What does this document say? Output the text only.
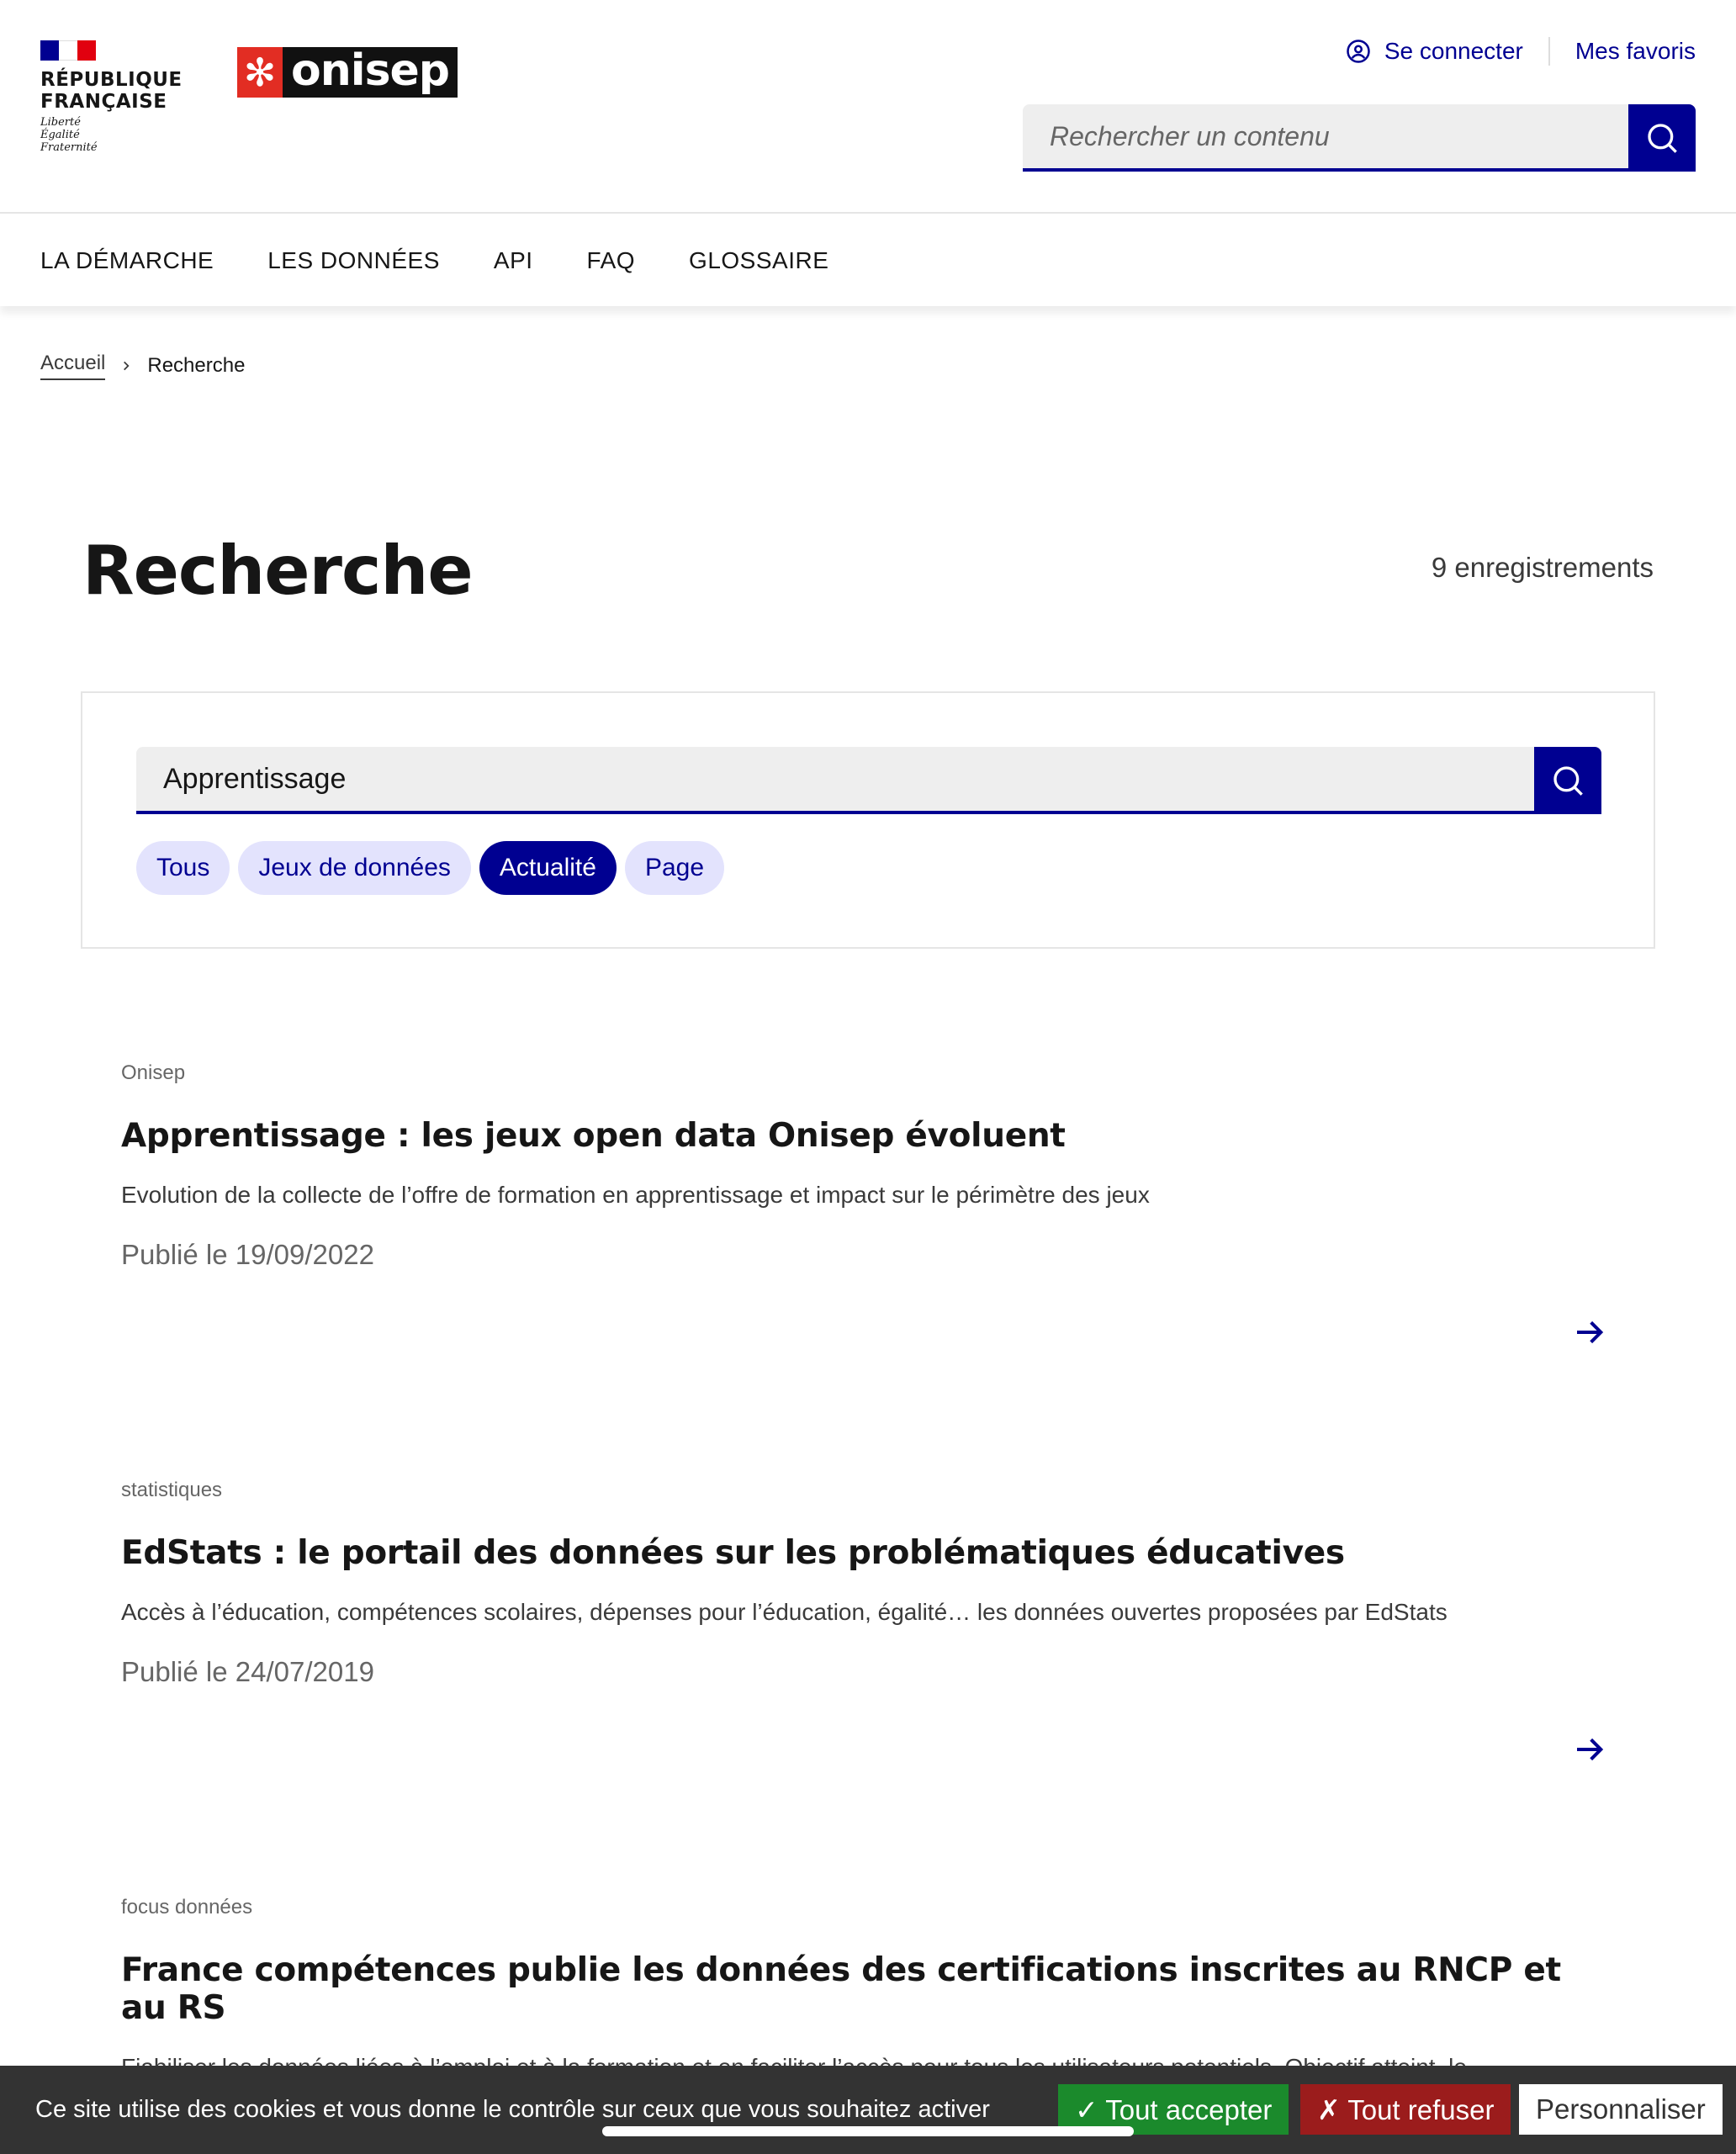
RÉPUBLIQUE
FRANÇAISE
Liberté
Égalité
Fraternité
✻ onisep
OPEN DATA
Se connecter Mes favoris
Rechercher un contenu
LA DÉMARCHE LES DONNÉES API FAQ GLOSSAIRE
Accueil Recherche
Recherche	9 enregistrements
Apprentissage
Tous	Jeux de données	Actualité	Page
Onisep
Apprentissage : les jeux open data Onisep évoluent
Evolution de la collecte de l’offre de formation en apprentissage et impact sur le périmètre des jeux
Publié le 19/09/2022
statistiques
EdStats : le portail des données sur les problématiques éducatives
Accès à l’éducation, compétences scolaires, dépenses pour l’éducation, égalité… les données ouvertes proposées par EdStats
Publié le 24/07/2019
focus données
France compétences publie les données des certifications inscrites au RNCP et au RS
Ce site utilise des cookies et vous donne le contrôle sur ceux que vous souhaitez activer	✓ Tout accepter	✗ Tout refuser	Personnaliser
